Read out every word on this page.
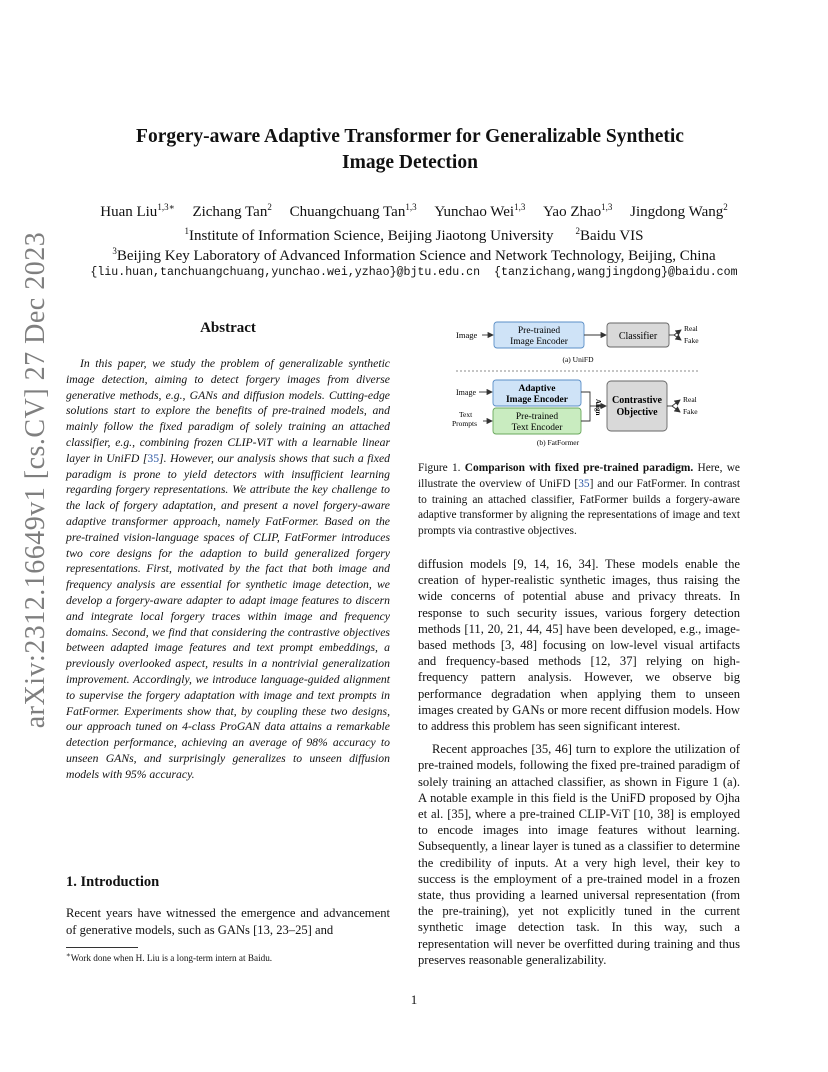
arXiv:2312.16649v1 [cs.CV] 27 Dec 2023
Forgery-aware Adaptive Transformer for Generalizable Synthetic
Image Detection
Huan Liu$^{1,3∗}$ Zichang Tan$^2$ Chuangchuang Tan$^{1,3}$ Yunchao Wei$^{1,3}$ Yao Zhao$^{1,3}$ Jingdong Wang$^2$
$^1$Institute of Information Science, Beijing Jiaotong University $^2$Baidu VIS
$^3$Beijing Key Laboratory of Advanced Information Science and Network Technology, Beijing, China
{liu.huan,tanchuangchuang,yunchao.wei,yzhao}@bjtu.edu.cn {tanzichang,wangjingdong}@baidu.com
Abstract
In this paper, we study the problem of generalizable synthetic image detection, aiming to detect forgery images from diverse generative methods, e.g., GANs and diffusion models. Cutting-edge solutions start to explore the benefits of pre-trained models, and mainly follow the fixed paradigm of solely training an attached classifier, e.g., combining frozen CLIP-ViT with a learnable linear layer in UniFD [35]. However, our analysis shows that such a fixed paradigm is prone to yield detectors with insufficient learning regarding forgery representations. We attribute the key challenge to the lack of forgery adaptation, and present a novel forgery-aware adaptive transformer approach, namely FatFormer. Based on the pre-trained vision-language spaces of CLIP, FatFormer introduces two core designs for the adaption to build generalized forgery representations. First, motivated by the fact that both image and frequency analysis are essential for synthetic image detection, we develop a forgery-aware adapter to adapt image features to discern and integrate local forgery traces within image and frequency domains. Second, we find that considering the contrastive objectives between adapted image features and text prompt embeddings, a previously overlooked aspect, results in a nontrivial generalization improvement. Accordingly, we introduce language-guided alignment to supervise the forgery adaptation with image and text prompts in FatFormer. Experiments show that, by coupling these two designs, our approach tuned on 4-class ProGAN data attains a remarkable detection performance, achieving an average of 98% accuracy to unseen GANs, and surprisingly generalizes to unseen diffusion models with 95% accuracy.
1. Introduction
Recent years have witnessed the emergence and advancement of generative models, such as GANs [13, 23–25] and
∗Work done when H. Liu is a long-term intern at Baidu.
Image	Pre-trained
Image Encoder	Classifier
Real
Fake
(a) UniFD
Image	Adaptive
Image Encoder
Text
Prompts
Pre-trained
Text Encoder
Align Contrastive
Objective
Real
Fake
(b) FatFormer
Figure 1. Comparison with fixed pre-trained paradigm. Here, we illustrate the overview of UniFD [35] and our FatFormer. In contrast to training an attached classifier, FatFormer builds a forgery-aware adaptive transformer by aligning the representations of image and text prompts via contrastive objectives.

diffusion models [9, 14, 16, 34]. These models enable the creation of hyper-realistic synthetic images, thus raising the wide concerns of potential abuse and privacy threats. In response to such security issues, various forgery detection methods [11, 20, 21, 44, 45] have been developed, e.g., image-based methods [3, 48] focusing on low-level visual artifacts and frequency-based methods [12, 37] relying on high-frequency pattern analysis. However, we observe big performance degradation when applying them to unseen images created by GANs or more recent diffusion models. How to address this problem has seen significant interest.

Recent approaches [35, 46] turn to explore the utilization of pre-trained models, following the fixed pre-trained paradigm of solely training an attached classifier, as shown in Figure 1 (a). A notable example in this field is the UniFD proposed by Ojha et al. [35], where a pre-trained CLIP-ViT [10, 38] is employed to encode images into image features without learning. Subsequently, a linear layer is tuned as a classifier to determine the credibility of inputs. At a very high level, their key to success is the employment of a pre-trained model in a frozen state, thus providing a learned universal representation (from the pre-training), yet not explicitly tuned in the current synthetic image detection task. In this way, such a representation will never be overfitted during training and thus preserves reasonable generalizability.

1
